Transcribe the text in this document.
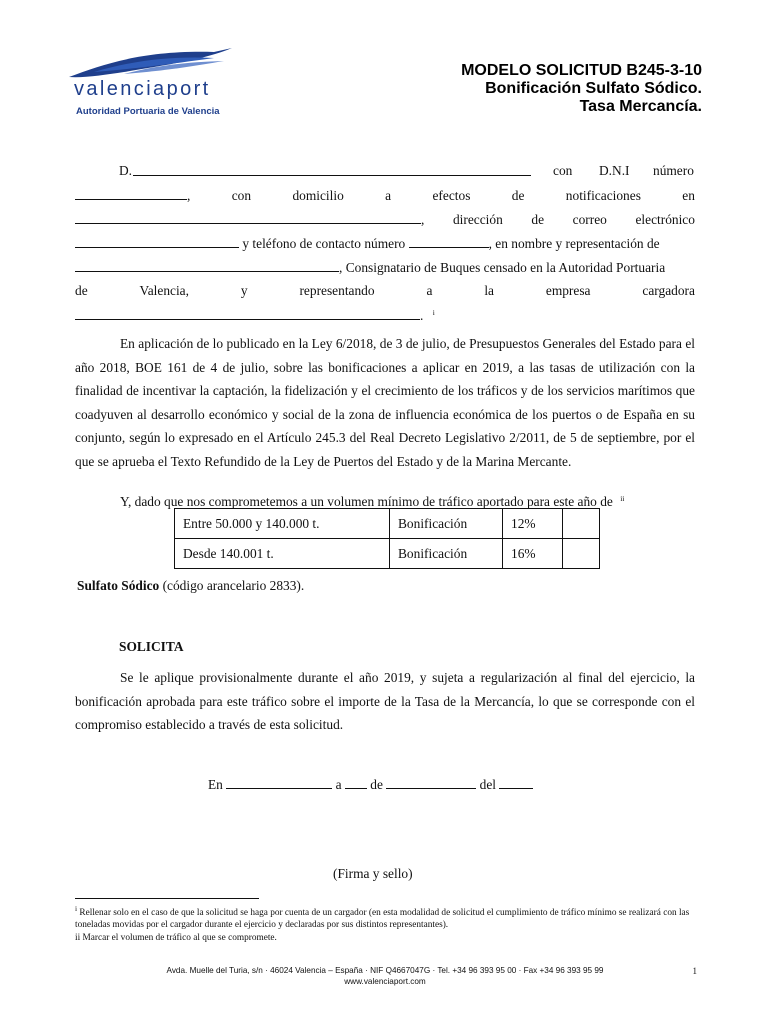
valenciaport
Autoridad Portuaria de Valencia
MODELO SOLICITUD B245-3-10
Bonificación Sulfato Sódico.
Tasa Mercancía.
D.	con D.N.I número
,	con	domicilio	a	efectos	de	notificaciones	en
, dirección de correo electrónico
y teléfono de contacto número	, en nombre y representación de
, Consignatario de Buques censado en la Autoridad Portuaria
de	Valencia,	y	representando	a	la	empresa	cargadora
. $^i$
En aplicación de lo publicado en la Ley 6/2018, de 3 de julio, de Presupuestos Generales del Estado para el año 2018, BOE 161 de 4 de julio, sobre las bonificaciones a aplicar en 2019, a las tasas de utilización con la finalidad de incentivar la captación, la fidelización y el crecimiento de los tráficos y de los servicios marítimos que coadyuven al desarrollo económico y social de la zona de influencia económica de los puertos o de España en su conjunto, según lo expresado en el Artículo 245.3 del Real Decreto Legislativo 2/2011, de 5 de septiembre, por el que se aprueba el Texto Refundido de la Ley de Puertos del Estado y de la Marina Mercante.
Y, dado que nos comprometemos a un volumen mínimo de tráfico aportado para este año de $^{ii}$
Entre 50.000 y 140.000 t.	Bonificación	12%	
Desde 140.001 t.	Bonificación	16%	
Sulfato Sódico (código arancelario 2833).
SOLICITA
Se le aplique provisionalmente durante el año 2019, y sujeta a regularización al final del ejercicio, la bonificación aprobada para este tráfico sobre el importe de la Tasa de la Mercancía, lo que se corresponde con el compromiso establecido a través de esta solicitud.
En	a de	del
(Firma y sello)
$^i$ Rellenar solo en el caso de que la solicitud se haga por cuenta de un cargador (en esta modalidad de solicitud el cumplimiento de tráfico mínimo se realizará con las toneladas movidas por el cargador durante el ejercicio y declaradas por sus distintos representantes).
ii Marcar el volumen de tráfico al que se compromete.
Avda. Muelle del Turia, s/n · 46024 Valencia – España · NIF Q4667047G · Tel. +34 96 393 95 00 · Fax +34 96 393 95 99
www.valenciaport.com
1
